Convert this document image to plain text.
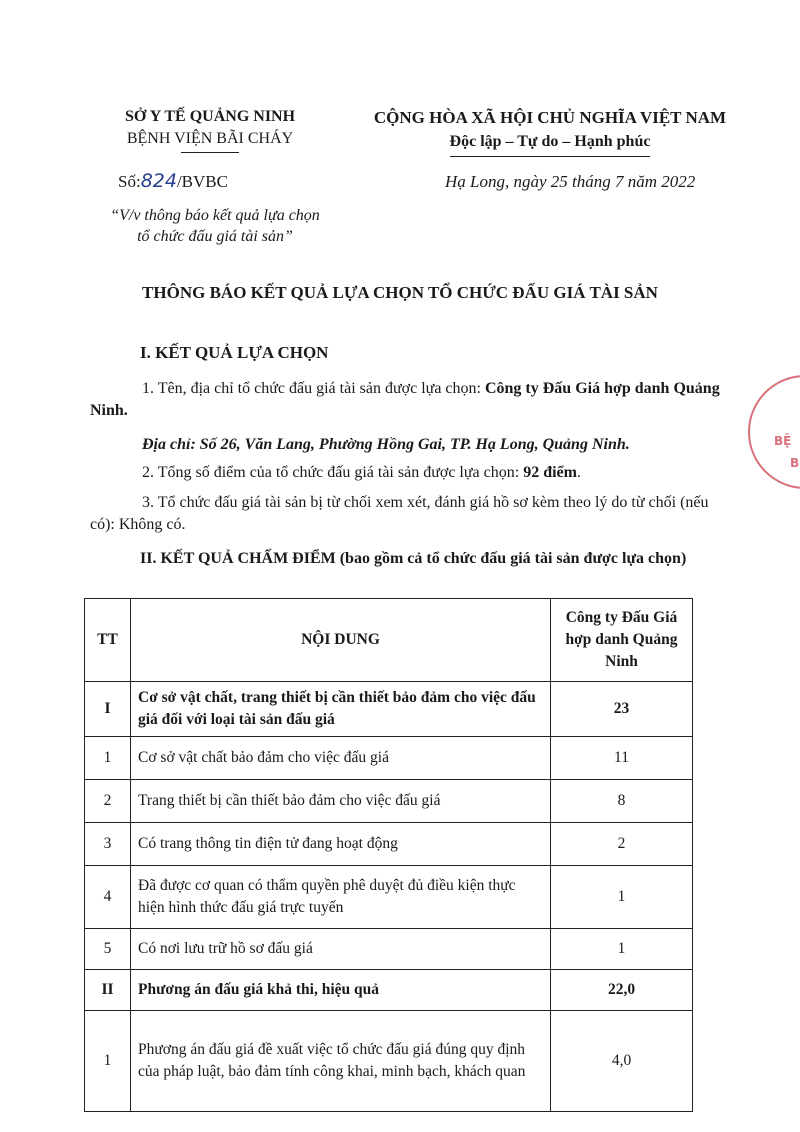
SỞ Y TẾ QUẢNG NINH
BỆNH VIỆN BÃI CHÁY
CỘNG HÒA XÃ HỘI CHỦ NGHĨA VIỆT NAM
Độc lập – Tự do – Hạnh phúc
Số:824/BVBC	Hạ Long, ngày 25 tháng 7 năm 2022
“V/v thông báo kết quả lựa chọn
tổ chức đấu giá tài sản”
THÔNG BÁO KẾT QUẢ LỰA CHỌN TỔ CHỨC ĐẤU GIÁ TÀI SẢN
I. KẾT QUẢ LỰA CHỌN
1. Tên, địa chỉ tổ chức đấu giá tài sản được lựa chọn: Công ty Đấu Giá hợp danh Quảng Ninh.
Địa chỉ: Số 26, Văn Lang, Phường Hồng Gai, TP. Hạ Long, Quảng Ninh.
2. Tổng số điểm của tổ chức đấu giá tài sản được lựa chọn: 92 điểm.
3. Tổ chức đấu giá tài sản bị từ chối xem xét, đánh giá hồ sơ kèm theo lý do từ chối (nếu có): Không có.
II. KẾT QUẢ CHẤM ĐIỂM (bao gồm cả tổ chức đấu giá tài sản được lựa chọn)
TT	NỘI DUNG	Công ty Đấu Giá hợp danh Quảng Ninh
I	Cơ sở vật chất, trang thiết bị cần thiết bảo đảm cho việc đấu giá đối với loại tài sản đấu giá	23
1	Cơ sở vật chất bảo đảm cho việc đấu giá	11
2	Trang thiết bị cần thiết bảo đảm cho việc đấu giá	8
3	Có trang thông tin điện tử đang hoạt động	2
4	Đã được cơ quan có thẩm quyền phê duyệt đủ điều kiện thực hiện hình thức đấu giá trực tuyến	1
5	Có nơi lưu trữ hồ sơ đấu giá	1
II	Phương án đấu giá khả thi, hiệu quả	22,0
1	Phương án đấu giá đề xuất việc tổ chức đấu giá đúng quy định của pháp luật, bảo đảm tính công khai, minh bạch, khách quan	4,0
BỆ
B
